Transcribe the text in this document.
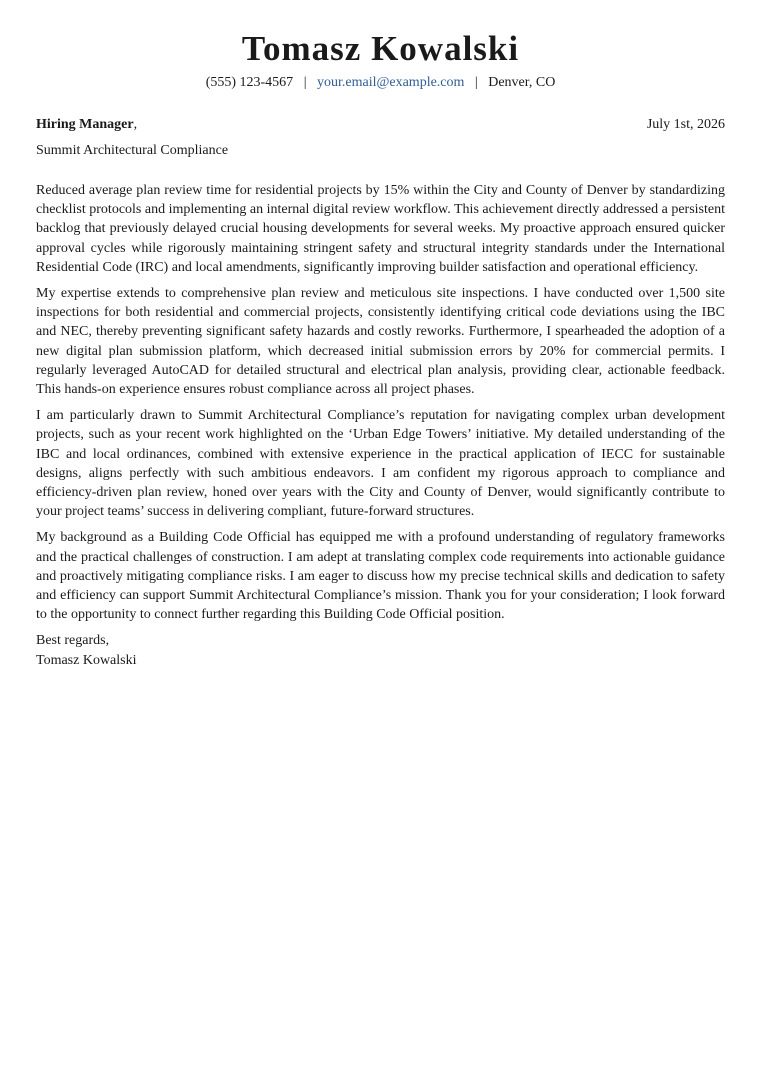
Tomasz Kowalski
(555) 123-4567 | your.email@example.com | Denver, CO
Hiring Manager,	July 1st, 2026
Summit Architectural Compliance

Reduced average plan review time for residential projects by 15% within the City and County of Denver by standardizing checklist protocols and implementing an internal digital review workflow. This achievement directly addressed a persistent backlog that previously delayed crucial housing developments for several weeks. My proactive approach ensured quicker approval cycles while rigorously maintaining stringent safety and structural integrity standards under the International Residential Code (IRC) and local amendments, significantly improving builder satisfaction and operational efficiency.

My expertise extends to comprehensive plan review and meticulous site inspections. I have conducted over 1,500 site inspections for both residential and commercial projects, consistently identifying critical code deviations using the IBC and NEC, thereby preventing significant safety hazards and costly reworks. Furthermore, I spearheaded the adoption of a new digital plan submission platform, which decreased initial submission errors by 20% for commercial permits. I regularly leveraged AutoCAD for detailed structural and electrical plan analysis, providing clear, actionable feedback. This hands-on experience ensures robust compliance across all project phases.

I am particularly drawn to Summit Architectural Compliance’s reputation for navigating complex urban development projects, such as your recent work highlighted on the ‘Urban Edge Towers’ initiative. My detailed understanding of the IBC and local ordinances, combined with extensive experience in the practical application of IECC for sustainable designs, aligns perfectly with such ambitious endeavors. I am confident my rigorous approach to compliance and efficiency-driven plan review, honed over years with the City and County of Denver, would significantly contribute to your project teams’ success in delivering compliant, future-forward structures.

My background as a Building Code Official has equipped me with a profound understanding of regulatory frameworks and the practical challenges of construction. I am adept at translating complex code requirements into actionable guidance and proactively mitigating compliance risks. I am eager to discuss how my precise technical skills and dedication to safety and efficiency can support Summit Architectural Compliance’s mission. Thank you for your consideration; I look forward to the opportunity to connect further regarding this Building Code Official position.

Best regards,
Tomasz Kowalski
